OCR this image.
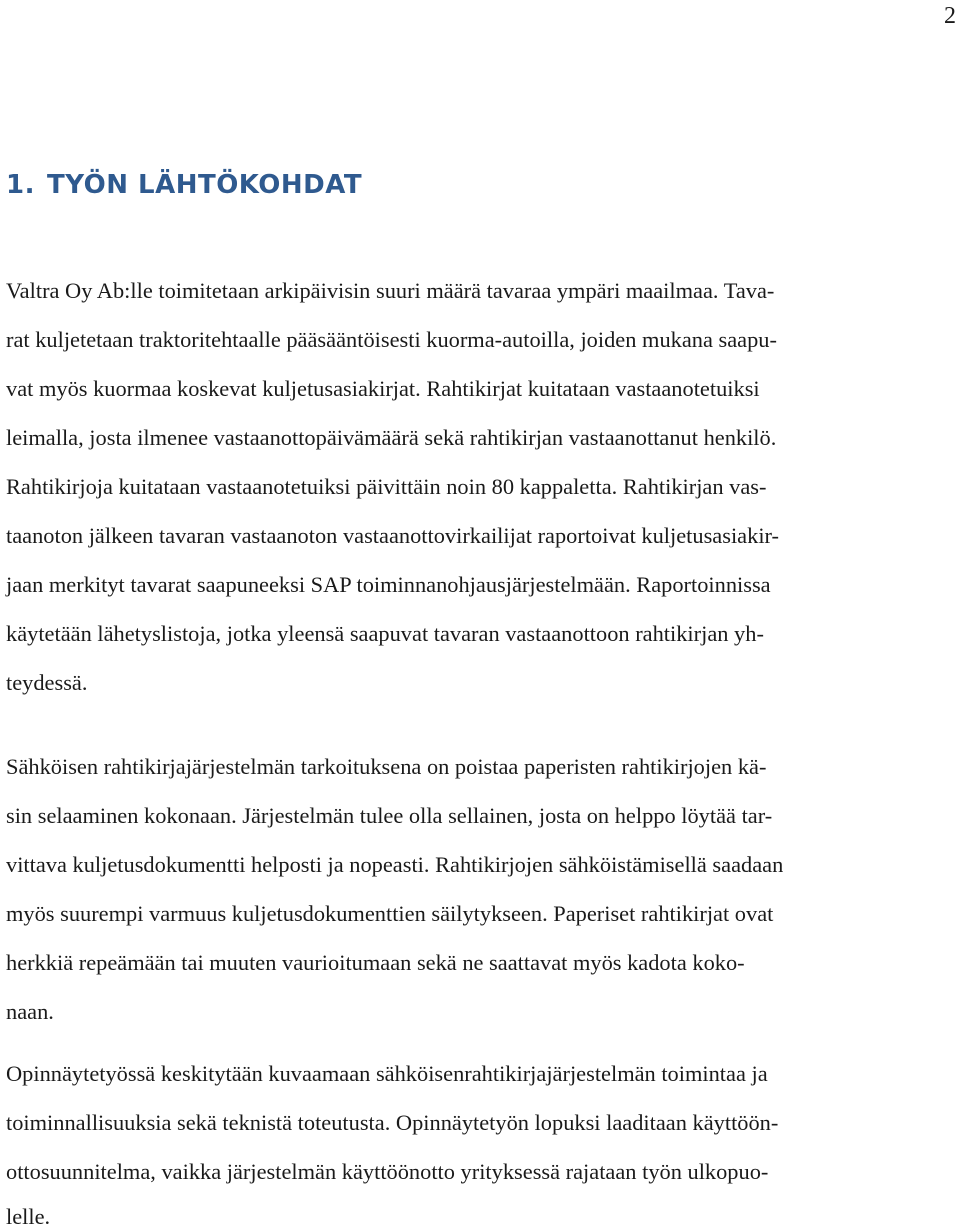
2
1. TYÖN LÄHTÖKOHDAT
Valtra Oy Ab:lle toimitetaan arkipäivisin suuri määrä tavaraa ympäri maailmaa. Tava-
rat kuljetetaan traktoritehtaalle pääsääntöisesti kuorma-autoilla, joiden mukana saapu-
vat myös kuormaa koskevat kuljetusasiakirjat. Rahtikirjat kuitataan vastaanotetuiksi
leimalla, josta ilmenee vastaanottopäivämäärä sekä rahtikirjan vastaanottanut henkilö.
Rahtikirjoja kuitataan vastaanotetuiksi päivittäin noin 80 kappaletta. Rahtikirjan vas-
taanoton jälkeen tavaran vastaanoton vastaanottovirkailijat raportoivat kuljetusasiakir-
jaan merkityt tavarat saapuneeksi SAP toiminnanohjausjärjestelmään. Raportoinnissa
käytetään lähetyslistoja, jotka yleensä saapuvat tavaran vastaanottoon rahtikirjan yh-
teydessä.
Sähköisen rahtikirjajärjestelmän tarkoituksena on poistaa paperisten rahtikirjojen kä-
sin selaaminen kokonaan. Järjestelmän tulee olla sellainen, josta on helppo löytää tar-
vittava kuljetusdokumentti helposti ja nopeasti. Rahtikirjojen sähköistämisellä saadaan
myös suurempi varmuus kuljetusdokumenttien säilytykseen. Paperiset rahtikirjat ovat
herkkiä repeämään tai muuten vaurioitumaan sekä ne saattavat myös kadota koko-
naan.
Opinnäytetyössä keskitytään kuvaamaan sähköisenrahtikirjajärjestelmän toimintaa ja
toiminnallisuuksia sekä teknistä toteutusta. Opinnäytetyön lopuksi laaditaan käyttöön-
ottosuunnitelma, vaikka järjestelmän käyttöönotto yrityksessä rajataan työn ulkopuo-
lelle.
